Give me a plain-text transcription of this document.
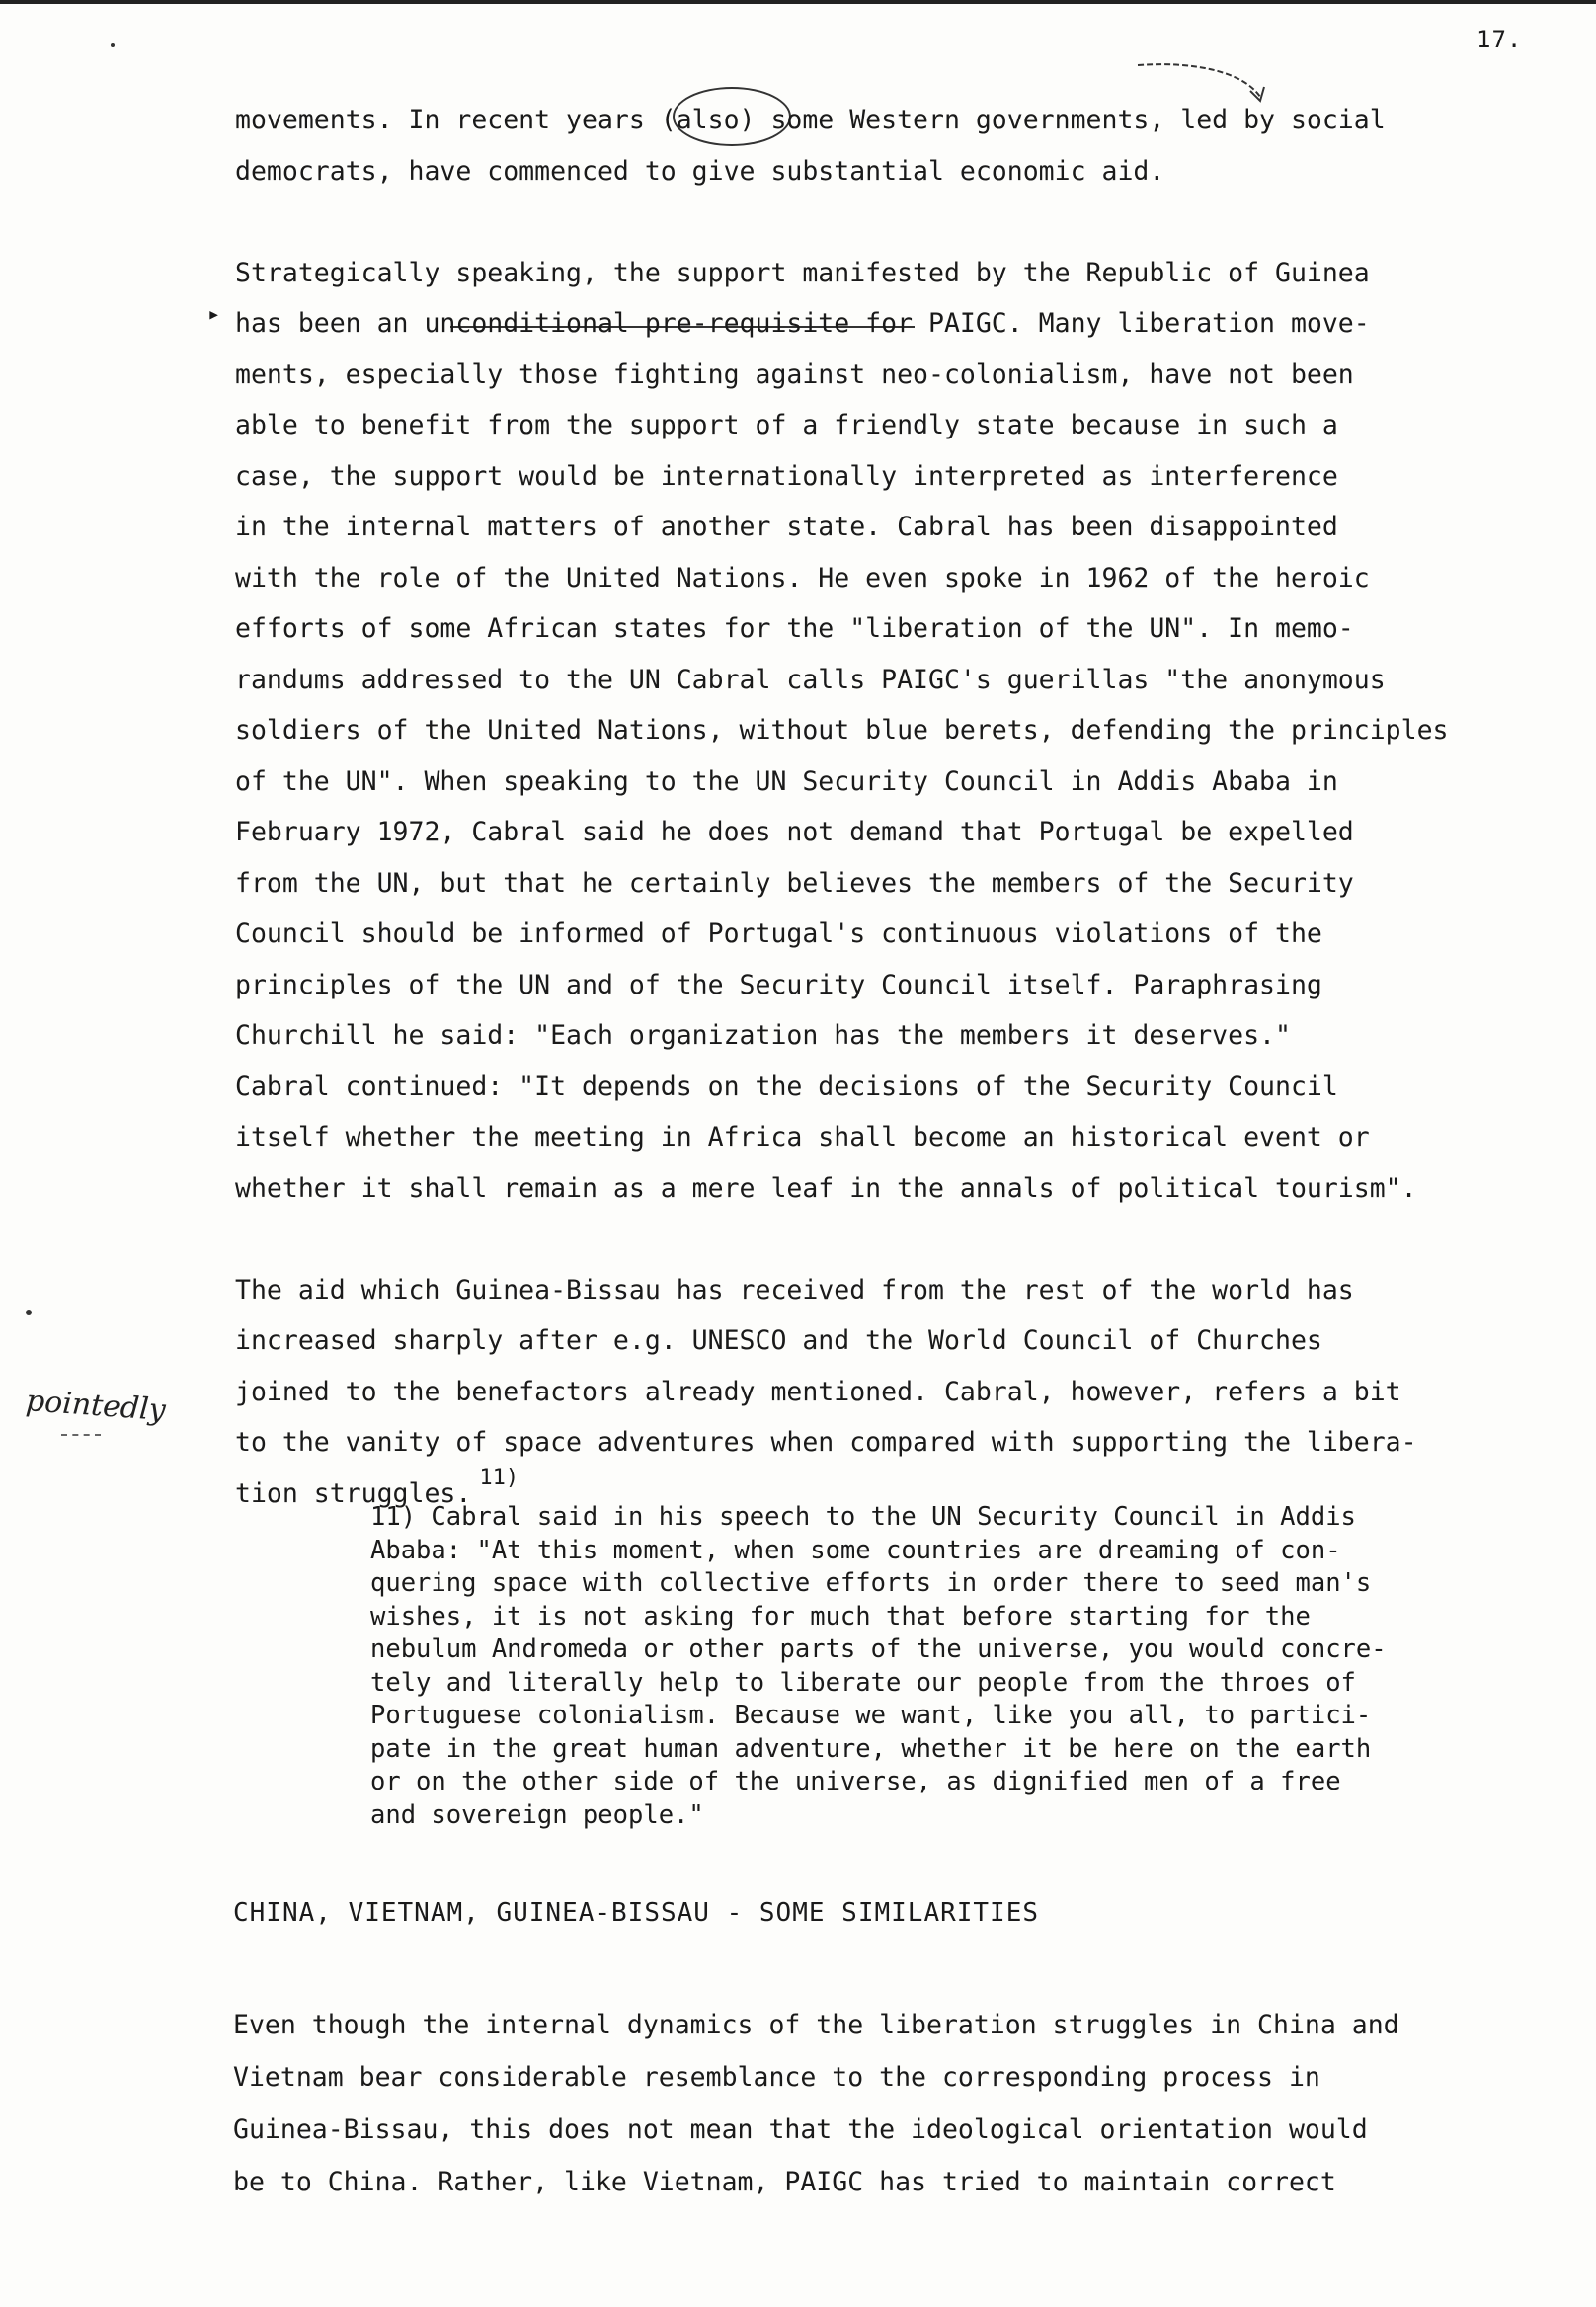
17.
▸
pointedly
movements. In recent years (also) some Western governments, led by social
democrats, have commenced to give substantial economic aid.
Strategically speaking, the support manifested by the Republic of Guinea
has been an unconditional pre-requisite for PAIGC. Many liberation move-
ments, especially those fighting against neo-colonialism, have not been
able to benefit from the support of a friendly state because in such a
case, the support would be internationally interpreted as interference
in the internal matters of another state. Cabral has been disappointed
with the role of the United Nations. He even spoke in 1962 of the heroic
efforts of some African states for the "liberation of the UN". In memo-
randums addressed to the UN Cabral calls PAIGC's guerillas "the anonymous
soldiers of the United Nations, without blue berets, defending the principles
of the UN". When speaking to the UN Security Council in Addis Ababa in
February 1972, Cabral said he does not demand that Portugal be expelled
from the UN, but that he certainly believes the members of the Security
Council should be informed of Portugal's continuous violations of the
principles of the UN and of the Security Council itself. Paraphrasing
Churchill he said: "Each organization has the members it deserves."
Cabral continued: "It depends on the decisions of the Security Council
itself whether the meeting in Africa shall become an historical event or
whether it shall remain as a mere leaf in the annals of political tourism".
The aid which Guinea-Bissau has received from the rest of the world has
increased sharply after e.g. UNESCO and the World Council of Churches
joined to the benefactors already mentioned. Cabral, however, refers a bit
to the vanity of space adventures when compared with supporting the libera-
tion struggles.$^{11)}$
11) Cabral said in his speech to the UN Security Council in Addis
Ababa: "At this moment, when some countries are dreaming of con-
quering space with collective efforts in order there to seed man's
wishes, it is not asking for much that before starting for the
nebulum Andromeda or other parts of the universe, you would concre-
tely and literally help to liberate our people from the throes of
Portuguese colonialism. Because we want, like you all, to partici-
pate in the great human adventure, whether it be here on the earth
or on the other side of the universe, as dignified men of a free
and sovereign people."
CHINA, VIETNAM, GUINEA-BISSAU - SOME SIMILARITIES
Even though the internal dynamics of the liberation struggles in China and
Vietnam bear considerable resemblance to the corresponding process in
Guinea-Bissau, this does not mean that the ideological orientation would
be to China. Rather, like Vietnam, PAIGC has tried to maintain correct
